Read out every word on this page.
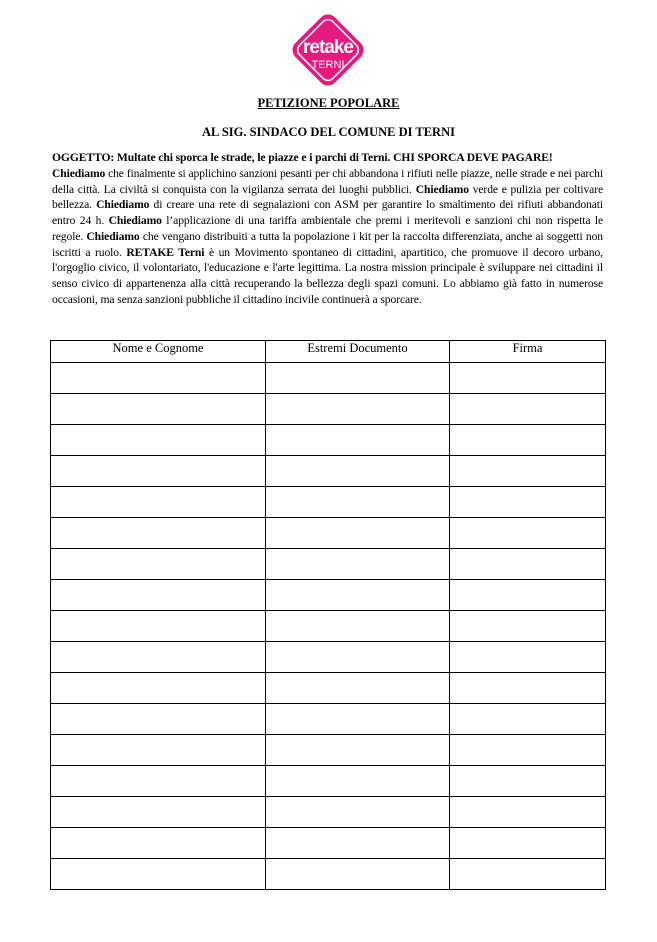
retake
TERNI
PETIZIONE POPOLARE
AL SIG. SINDACO DEL COMUNE DI TERNI
OGGETTO: Multate chi sporca le strade, le piazze e i parchi di Terni. CHI SPORCA DEVE PAGARE!
Chiediamo che finalmente si applichino sanzioni pesanti per chi abbandona i rifiuti nelle piazze, nelle strade e nei parchi della città. La civiltà si conquista con la vigilanza serrata dei luoghi pubblici. Chiediamo verde e pulizia per coltivare bellezza. Chiediamo di creare una rete di segnalazioni con ASM per garantire lo smaltimento dei rifiuti abbandonati entro 24 h. Chiediamo l’applicazione di una tariffa ambientale che premi i meritevoli e sanzioni chi non rispetta le regole. Chiediamo che vengano distribuiti a tutta la popolazione i kit per la raccolta differenziata, anche ai soggetti non iscritti a ruolo. RETAKE Terni è un Movimento spontaneo di cittadini, apartitico, che promuove il decoro urbano, l'orgoglio civico, il volontariato, l'educazione e l'arte legittima. La nostra mission principale è sviluppare nei cittadini il senso civico di appartenenza alla città recuperando la bellezza degli spazi comuni. Lo abbiamo già fatto in numerose occasioni, ma senza sanzioni pubbliche il cittadino incivile continuerà a sporcare.
Nome e Cognome	Estremi Documento	Firma
